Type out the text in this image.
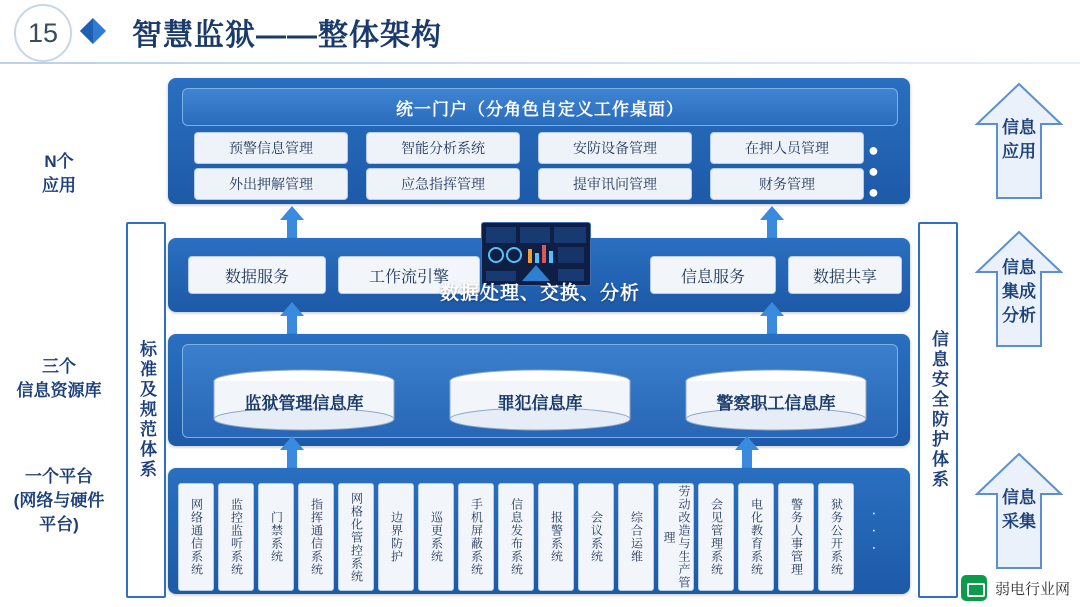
15	智慧监狱——整体架构
N个
应用
三个
信息资源库
一个平台
(网络与硬件
平台)
标准及规范体系	信息安全防护体系
信息
应用
信息
集成
分析
信息
采集
统一门户（分角色自定义工作桌面）
预警信息管理	智能分析系统	安防设备管理	在押人员管理
外出押解管理	应急指挥管理	提审讯问管理	财务管理
● ● ● ●
数据服务	工作流引擎	信息服务	数据共享
数据处理、交换、分析
监狱管理信息库	罪犯信息库	警察职工信息库
网络通信系统	监控监听系统	门禁系统	指挥通信系统	网格化管控系统	边界防护	巡更系统	手机屏蔽系统	信息发布系统	报警系统	会议系统	综合运维	劳动改造与生产管理	会见管理系统	电化教育系统	警务人事管理	狱务公开系统	· · ·
弱电行业网
